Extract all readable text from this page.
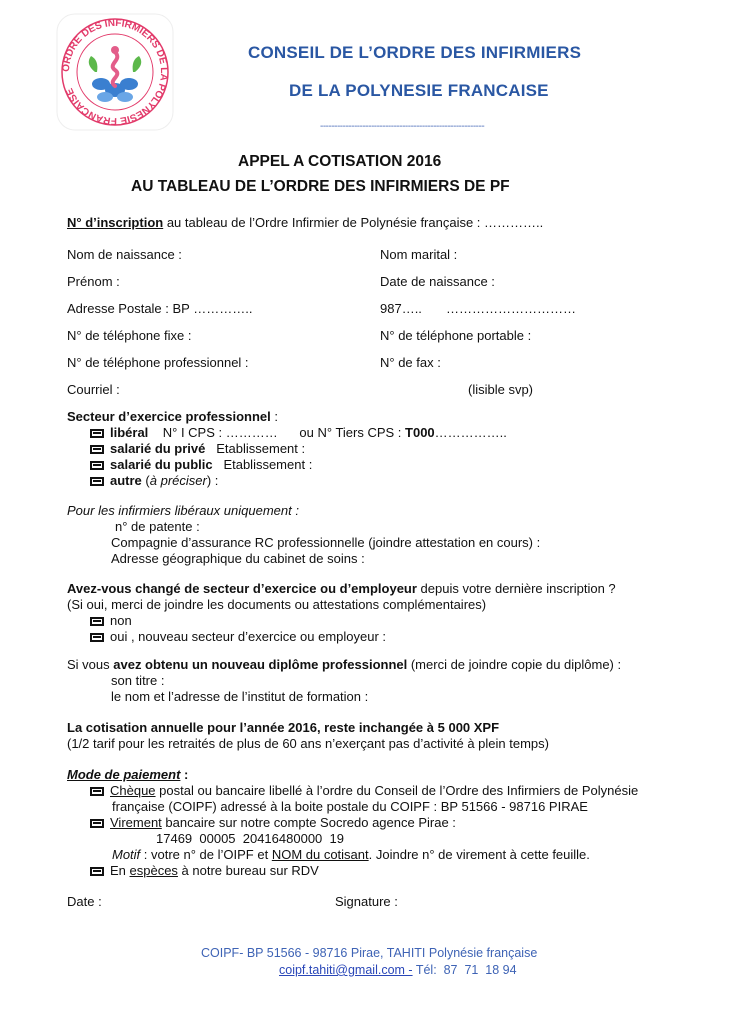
ORDRE DES INFIRMIERS DE LA POLYNESIE FRANCAISE
CONSEIL DE L’ORDRE DES INFIRMIERS
DE LA POLYNESIE FRANCAISE
----------------------------------------------------------
APPEL A COTISATION 2016
AU TABLEAU DE L’ORDRE DES INFIRMIERS DE PF
N° d’inscription au tableau de l’Ordre Infirmier de Polynésie française : …………..
Nom de naissance :	Nom marital :
Prénom :	Date de naissance :
Adresse Postale : BP …………..	987….. …………………………
N° de téléphone fixe :	N° de téléphone portable :
N° de téléphone professionnel :	N° de fax :
Courriel :	(lisible svp)
Secteur d’exercice professionnel :
libéral N° I CPS : …………      ou N° Tiers CPS : T000……………..
salarié du privé Etablissement :
salarié du public Etablissement :
autre (à préciser) :
Pour les infirmiers libéraux uniquement :
n° de patente :
Compagnie d’assurance RC professionnelle (joindre attestation en cours) :
Adresse géographique du cabinet de soins :
Avez-vous changé de secteur d’exercice ou d’employeur depuis votre dernière inscription ?
(Si oui, merci de joindre les documents ou attestations complémentaires)
non
oui , nouveau secteur d’exercice ou employeur :
Si vous avez obtenu un nouveau diplôme professionnel (merci de joindre copie du diplôme) :
son titre :
le nom et l’adresse de l’institut de formation :
La cotisation annuelle pour l’année 2016, reste inchangée à 5 000 XPF
(1/2 tarif pour les retraités de plus de 60 ans n’exerçant pas d’activité à plein temps)
Mode de paiement :
Chèque postal ou bancaire libellé à l’ordre du Conseil de l’Ordre des Infirmiers de Polynésie
française (COIPF) adressé à la boite postale du COIPF : BP 51566 - 98716 PIRAE
Virement bancaire sur notre compte Socredo agence Pirae :
17469  00005  20416480000  19
Motif : votre n° de l’OIPF et NOM du cotisant. Joindre n° de virement à cette feuille.
En espèces à notre bureau sur RDV
Date :	Signature :
COIPF- BP 51566 - 98716 Pirae, TAHITI Polynésie française
coipf.tahiti@gmail.com - Tél:  87  71  18 94
